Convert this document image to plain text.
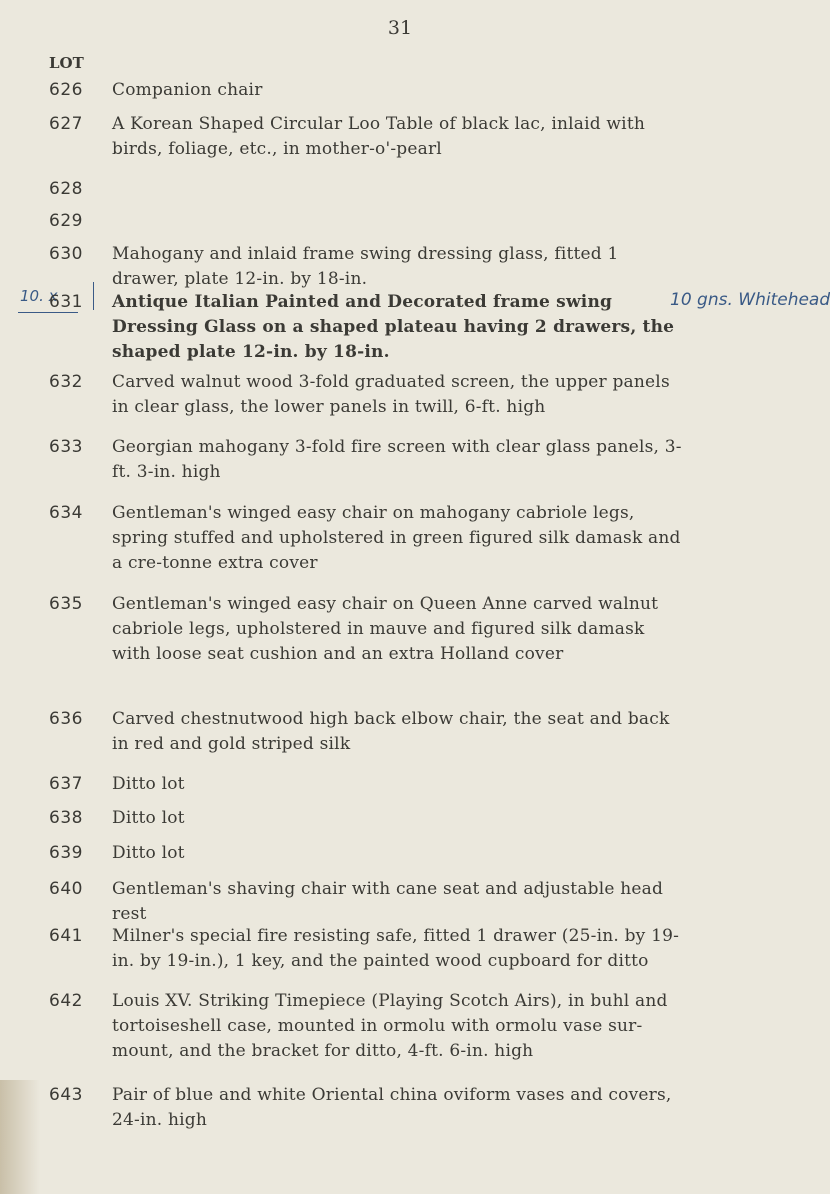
31
LOT
10. x	10 gns. Whitehead
626 Companion chair
627 A Korean Shaped Circular Loo Table of black lac, inlaid with birds, foliage, etc., in mother-o'-pearl
628
629
630 Mahogany and inlaid frame swing dressing glass, fitted 1 drawer, plate 12-in. by 18-in.
631 Antique Italian Painted and Decorated frame swing Dressing Glass on a shaped plateau having 2 drawers, the shaped plate 12-in. by 18-in.
632 Carved walnut wood 3-fold graduated screen, the upper panels in clear glass, the lower panels in twill, 6-ft. high
633 Georgian mahogany 3-fold fire screen with clear glass panels, 3-ft. 3-in. high
634 Gentleman's winged easy chair on mahogany cabriole legs, spring stuffed and upholstered in green figured silk damask and a cre-tonne extra cover
635 Gentleman's winged easy chair on Queen Anne carved walnut cabriole legs, upholstered in mauve and figured silk damask with loose seat cushion and an extra Holland cover
636 Carved chestnutwood high back elbow chair, the seat and back in red and gold striped silk
637 Ditto lot
638 Ditto lot
639 Ditto lot
640 Gentleman's shaving chair with cane seat and adjustable head rest
641 Milner's special fire resisting safe, fitted 1 drawer (25-in. by 19-in. by 19-in.), 1 key, and the painted wood cupboard for ditto
642 Louis XV. Striking Timepiece (Playing Scotch Airs), in buhl and tortoiseshell case, mounted in ormolu with ormolu vase sur-mount, and the bracket for ditto, 4-ft. 6-in. high
643 Pair of blue and white Oriental china oviform vases and covers, 24-in. high
